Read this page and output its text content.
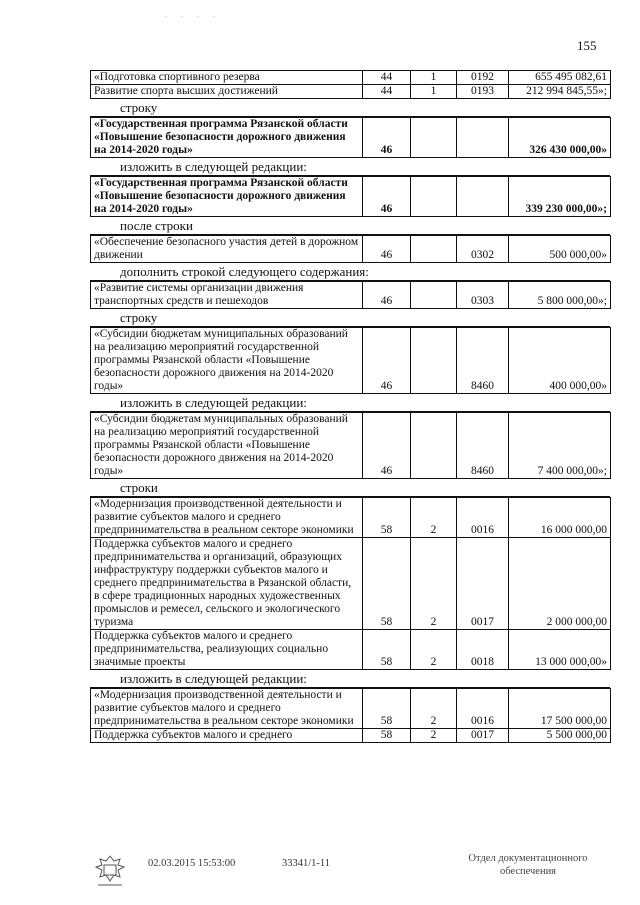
. . . .
155
«Подготовка спортивного резерва	44	1	0192	655 495 082,61
Развитие спорта высших достижений	44	1	0193	212 994 845,55»;
строку
«Государственная программа Рязанской области «Повышение безопасности дорожного движения на 2014-2020 годы»	46			326 430 000,00»
изложить в следующей редакции:
«Государственная программа Рязанской области «Повышение безопасности дорожного движения на 2014-2020 годы»	46			339 230 000,00»;
после строки
«Обеспечение безопасного участия детей в дорожном движении	46		0302	500 000,00»
дополнить строкой следующего содержания:
«Развитие системы организации движения транспортных средств и пешеходов	46		0303	5 800 000,00»;
строку
«Субсидии бюджетам муниципальных образований на реализацию мероприятий государственной программы Рязанской области «Повышение безопасности дорожного движения на 2014-2020 годы»	46		8460	400 000,00»
изложить в следующей редакции:
«Субсидии бюджетам муниципальных образований на реализацию мероприятий государственной программы Рязанской области «Повышение безопасности дорожного движения на 2014-2020 годы»	46		8460	7 400 000,00»;
строки
«Модернизация производственной деятельности и развитие субъектов малого и среднего предпринимательства в реальном секторе экономики	58	2	0016	16 000 000,00
Поддержка субъектов малого и среднего предпринимательства и организаций, образующих инфраструктуру поддержки субъектов малого и среднего предпринимательства в Рязанской области, в сфере традиционных народных художественных промыслов и ремесел, сельского и экологического туризма	58	2	0017	2 000 000,00
Поддержка субъектов малого и среднего предпринимательства, реализующих социально значимые проекты	58	2	0018	13 000 000,00»
изложить в следующей редакции:
«Модернизация производственной деятельности и развитие субъектов малого и среднего предпринимательства в реальном секторе экономики	58	2	0016	17 500 000,00
Поддержка субъектов малого и среднего	58	2	0017	5 500 000,00
02.03.2015 15:53:00	33341/1-11	Отдел документационного обеспечения
